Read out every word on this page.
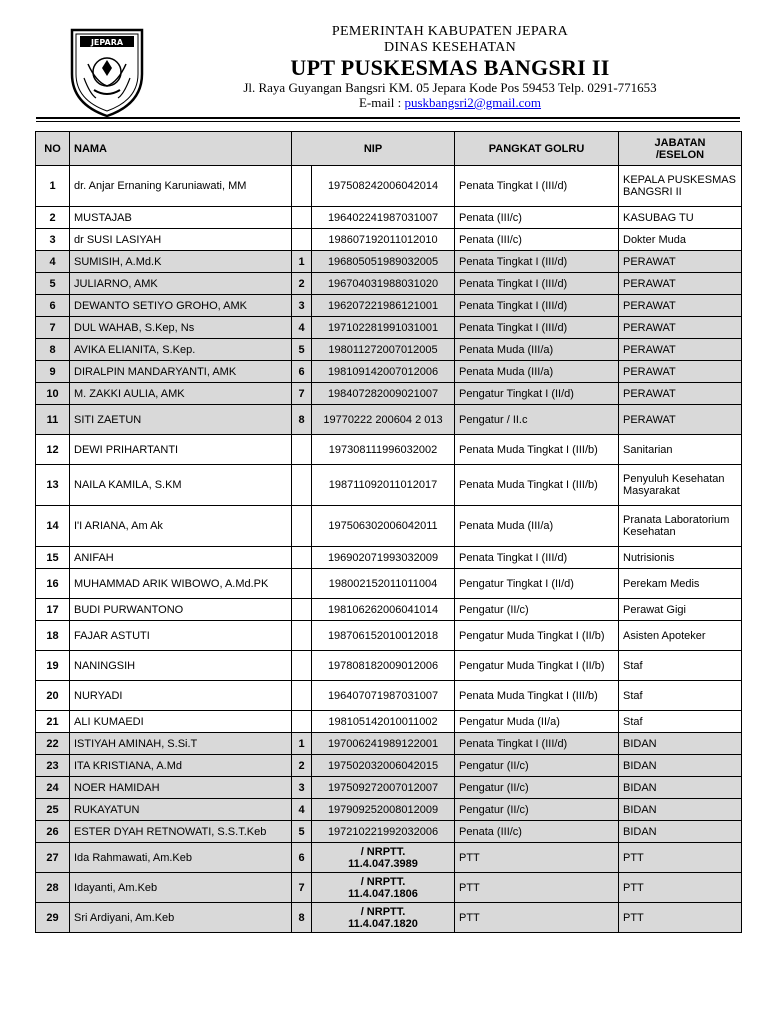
JEPARA
PEMERINTAH KABUPATEN JEPARA
DINAS KESEHATAN
UPT PUSKESMAS BANGSRI II
Jl. Raya Guyangan Bangsri KM. 05 Jepara Kode Pos 59453 Telp. 0291-771653
E-mail : puskbangsri2@gmail.com
NO	NAMA	NIP		PANGKAT GOLRU	JABATAN
/ESELON
1	dr. Anjar Ernaning Karuniawati, MM		197508242006042014	Penata Tingkat I (III/d)	KEPALA PUSKESMAS BANGSRI II
2	MUSTAJAB		196402241987031007	Penata (III/c)	KASUBAG TU
3	dr SUSI LASIYAH		198607192011012010	Penata (III/c)	Dokter Muda
4	SUMISIH, A.Md.K	1	196805051989032005	Penata Tingkat I (III/d)	PERAWAT
5	JULIARNO, AMK	2	196704031988031020	Penata Tingkat I (III/d)	PERAWAT
6	DEWANTO SETIYO GROHO, AMK	3	196207221986121001	Penata Tingkat I (III/d)	PERAWAT
7	DUL WAHAB, S.Kep, Ns	4	197102281991031001	Penata Tingkat I (III/d)	PERAWAT
8	AVIKA ELIANITA, S.Kep.	5	198011272007012005	Penata Muda (III/a)	PERAWAT
9	DIRALPIN MANDARYANTI, AMK	6	198109142007012006	Penata Muda (III/a)	PERAWAT
10	M. ZAKKI AULIA, AMK	7	198407282009021007	Pengatur Tingkat I (II/d)	PERAWAT
11	SITI ZAETUN	8	19770222 200604 2 013	Pengatur / II.c	PERAWAT
12	DEWI PRIHARTANTI		197308111996032002	Penata Muda Tingkat I (III/b)	Sanitarian
13	NAILA KAMILA, S.KM		198711092011012017	Penata Muda Tingkat I (III/b)	Penyuluh Kesehatan Masyarakat
14	I'I ARIANA, Am Ak		197506302006042011	Penata Muda (III/a)	Pranata Laboratorium Kesehatan
15	ANIFAH		196902071993032009	Penata Tingkat I (III/d)	Nutrisionis
16	MUHAMMAD ARIK WIBOWO, A.Md.PK		198002152011011004	Pengatur Tingkat I (II/d)	Perekam Medis
17	BUDI PURWANTONO		198106262006041014	Pengatur (II/c)	Perawat Gigi
18	FAJAR ASTUTI		198706152010012018	Pengatur Muda Tingkat I (II/b)	Asisten Apoteker
19	NANINGSIH		197808182009012006	Pengatur Muda Tingkat I (II/b)	Staf
20	NURYADI		196407071987031007	Penata Muda Tingkat I (III/b)	Staf
21	ALI KUMAEDI		198105142010011002	Pengatur Muda (II/a)	Staf
22	ISTIYAH AMINAH, S.Si.T	1	197006241989122001	Penata Tingkat I (III/d)	BIDAN
23	ITA KRISTIANA, A.Md	2	197502032006042015	Pengatur (II/c)	BIDAN
24	NOER HAMIDAH	3	197509272007012007	Pengatur (II/c)	BIDAN
25	RUKAYATUN	4	197909252008012009	Pengatur (II/c)	BIDAN
26	ESTER DYAH RETNOWATI, S.S.T.Keb	5	197210221992032006	Penata (III/c)	BIDAN
27	Ida Rahmawati, Am.Keb	6	/ NRPTT.
11.4.047.3989	PTT	PTT
28	Idayanti, Am.Keb	7	/ NRPTT.
11.4.047.1806	PTT	PTT
29	Sri Ardiyani, Am.Keb	8	/ NRPTT.
11.4.047.1820	PTT	PTT
